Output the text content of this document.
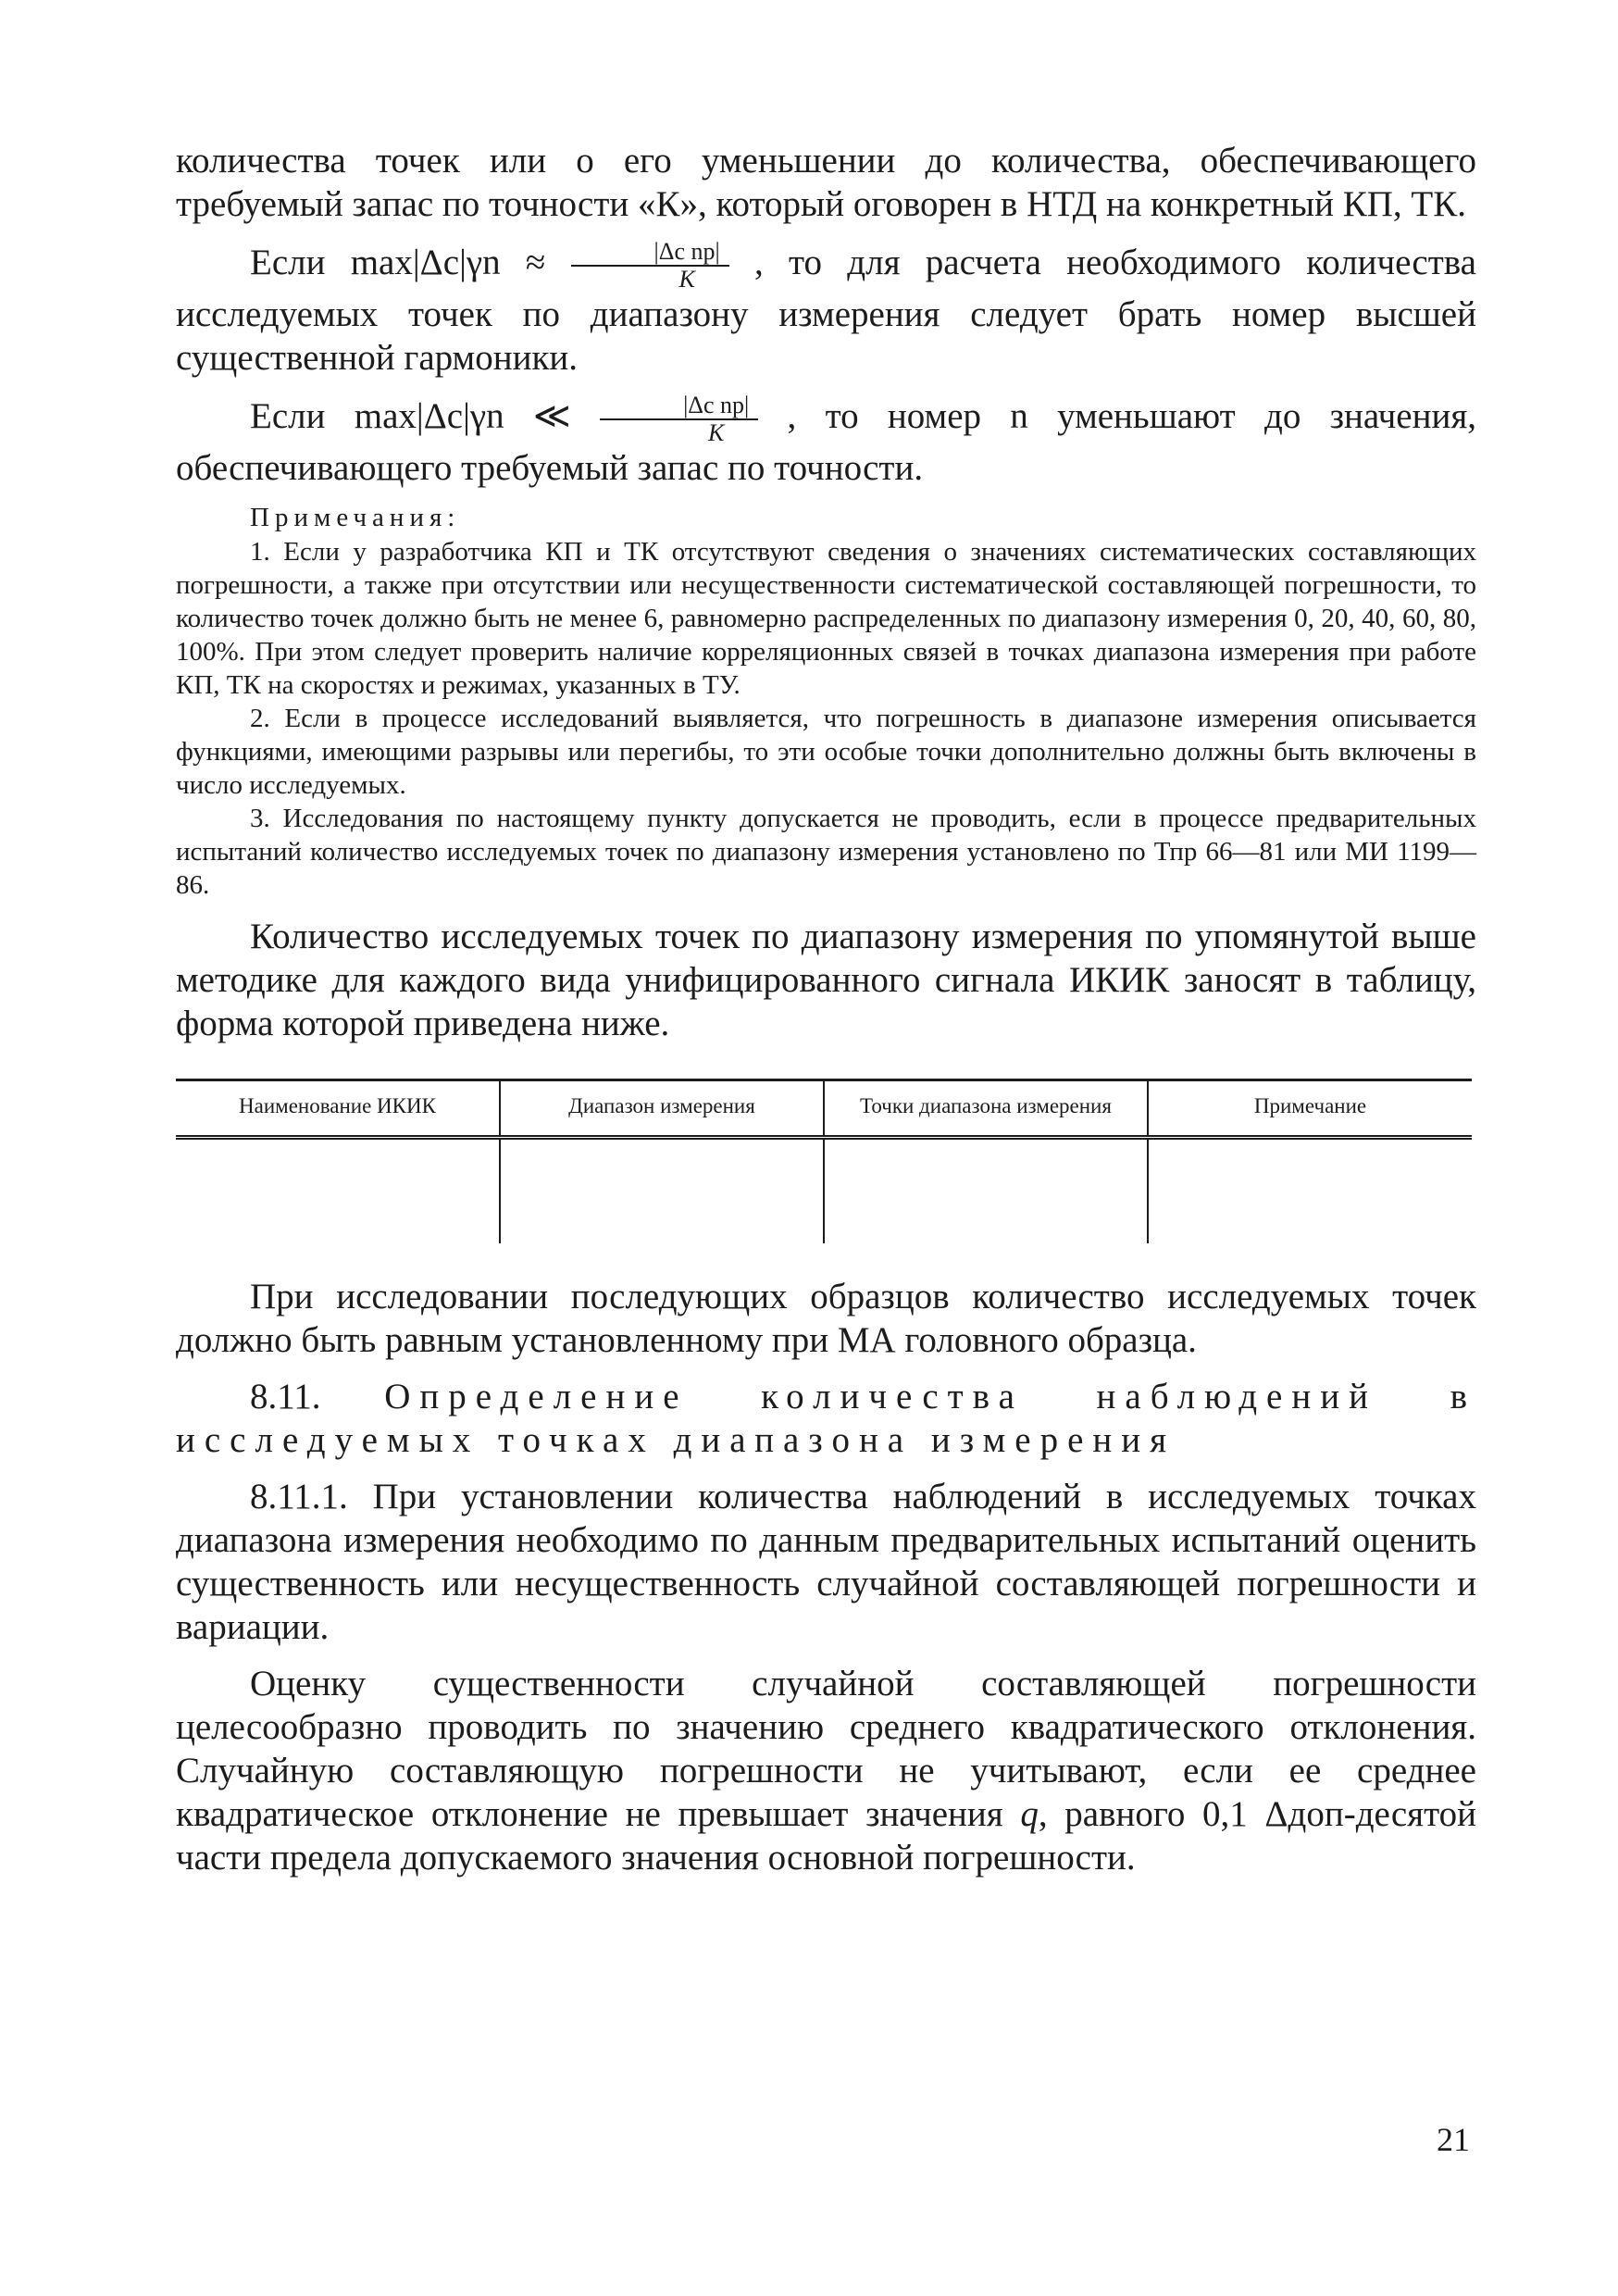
количества точек или о его уменьшении до количества, обеспечивающего требуемый запас по точности «К», который оговорен в НТД на конкретный КП, ТК.

Если $\max|\Delta c|\gamma n \approx \frac{\text{|Δc np|}}{K}$ , то для расчета необходимого количества исследуемых точек по диапазону измерения следует брать номер высшей существенной гармоники.

Если max|Δc|γn ≪ $\frac{\text{|Δc np|}}{K}$ , то номер n уменьшают до значения, обеспечивающего требуемый запас по точности.

Примечания:

1. Если у разработчика КП и ТК отсутствуют сведения о значениях систематических составляющих погрешности, а также при отсутствии или несущественности систематической составляющей погрешности, то количество точек должно быть не менее 6, равномерно распределенных по диапазону измерения 0, 20, 40, 60, 80, 100%. При этом следует проверить наличие корреляционных связей в точках диапазона измерения при работе КП, ТК на скоростях и режимах, указанных в ТУ.

2. Если в процессе исследований выявляется, что погрешность в диапазоне измерения описывается функциями, имеющими разрывы или перегибы, то эти особые точки дополнительно должны быть включены в число исследуемых.

3. Исследования по настоящему пункту допускается не проводить, если в процессе предварительных испытаний количество исследуемых точек по диапазону измерения установлено по Тпр 66—81 или МИ 1199—86.

Количество исследуемых точек по диапазону измерения по упомянутой выше методике для каждого вида унифицированного сигнала ИКИК заносят в таблицу, форма которой приведена ниже.

Наименование ИКИК	Диапазон измерения	Точки диапазона измерения	Примечание

При исследовании последующих образцов количество исследуемых точек должно быть равным установленному при МА головного образца.

8.11. Определение количества наблюдений в исследуемых точках диапазона измерения

8.11.1. При установлении количества наблюдений в исследуемых точках диапазона измерения необходимо по данным предварительных испытаний оценить существенность или несущественность случайной составляющей погрешности и вариации.

Оценку существенности случайной составляющей погрешности целесообразно проводить по значению среднего квадратического отклонения. Случайную составляющую погрешности не учитывают, если ее среднее квадратическое отклонение не превышает значения q, равного 0,1 Δдоп-десятой части предела допускаемого значения основной погрешности.

21
